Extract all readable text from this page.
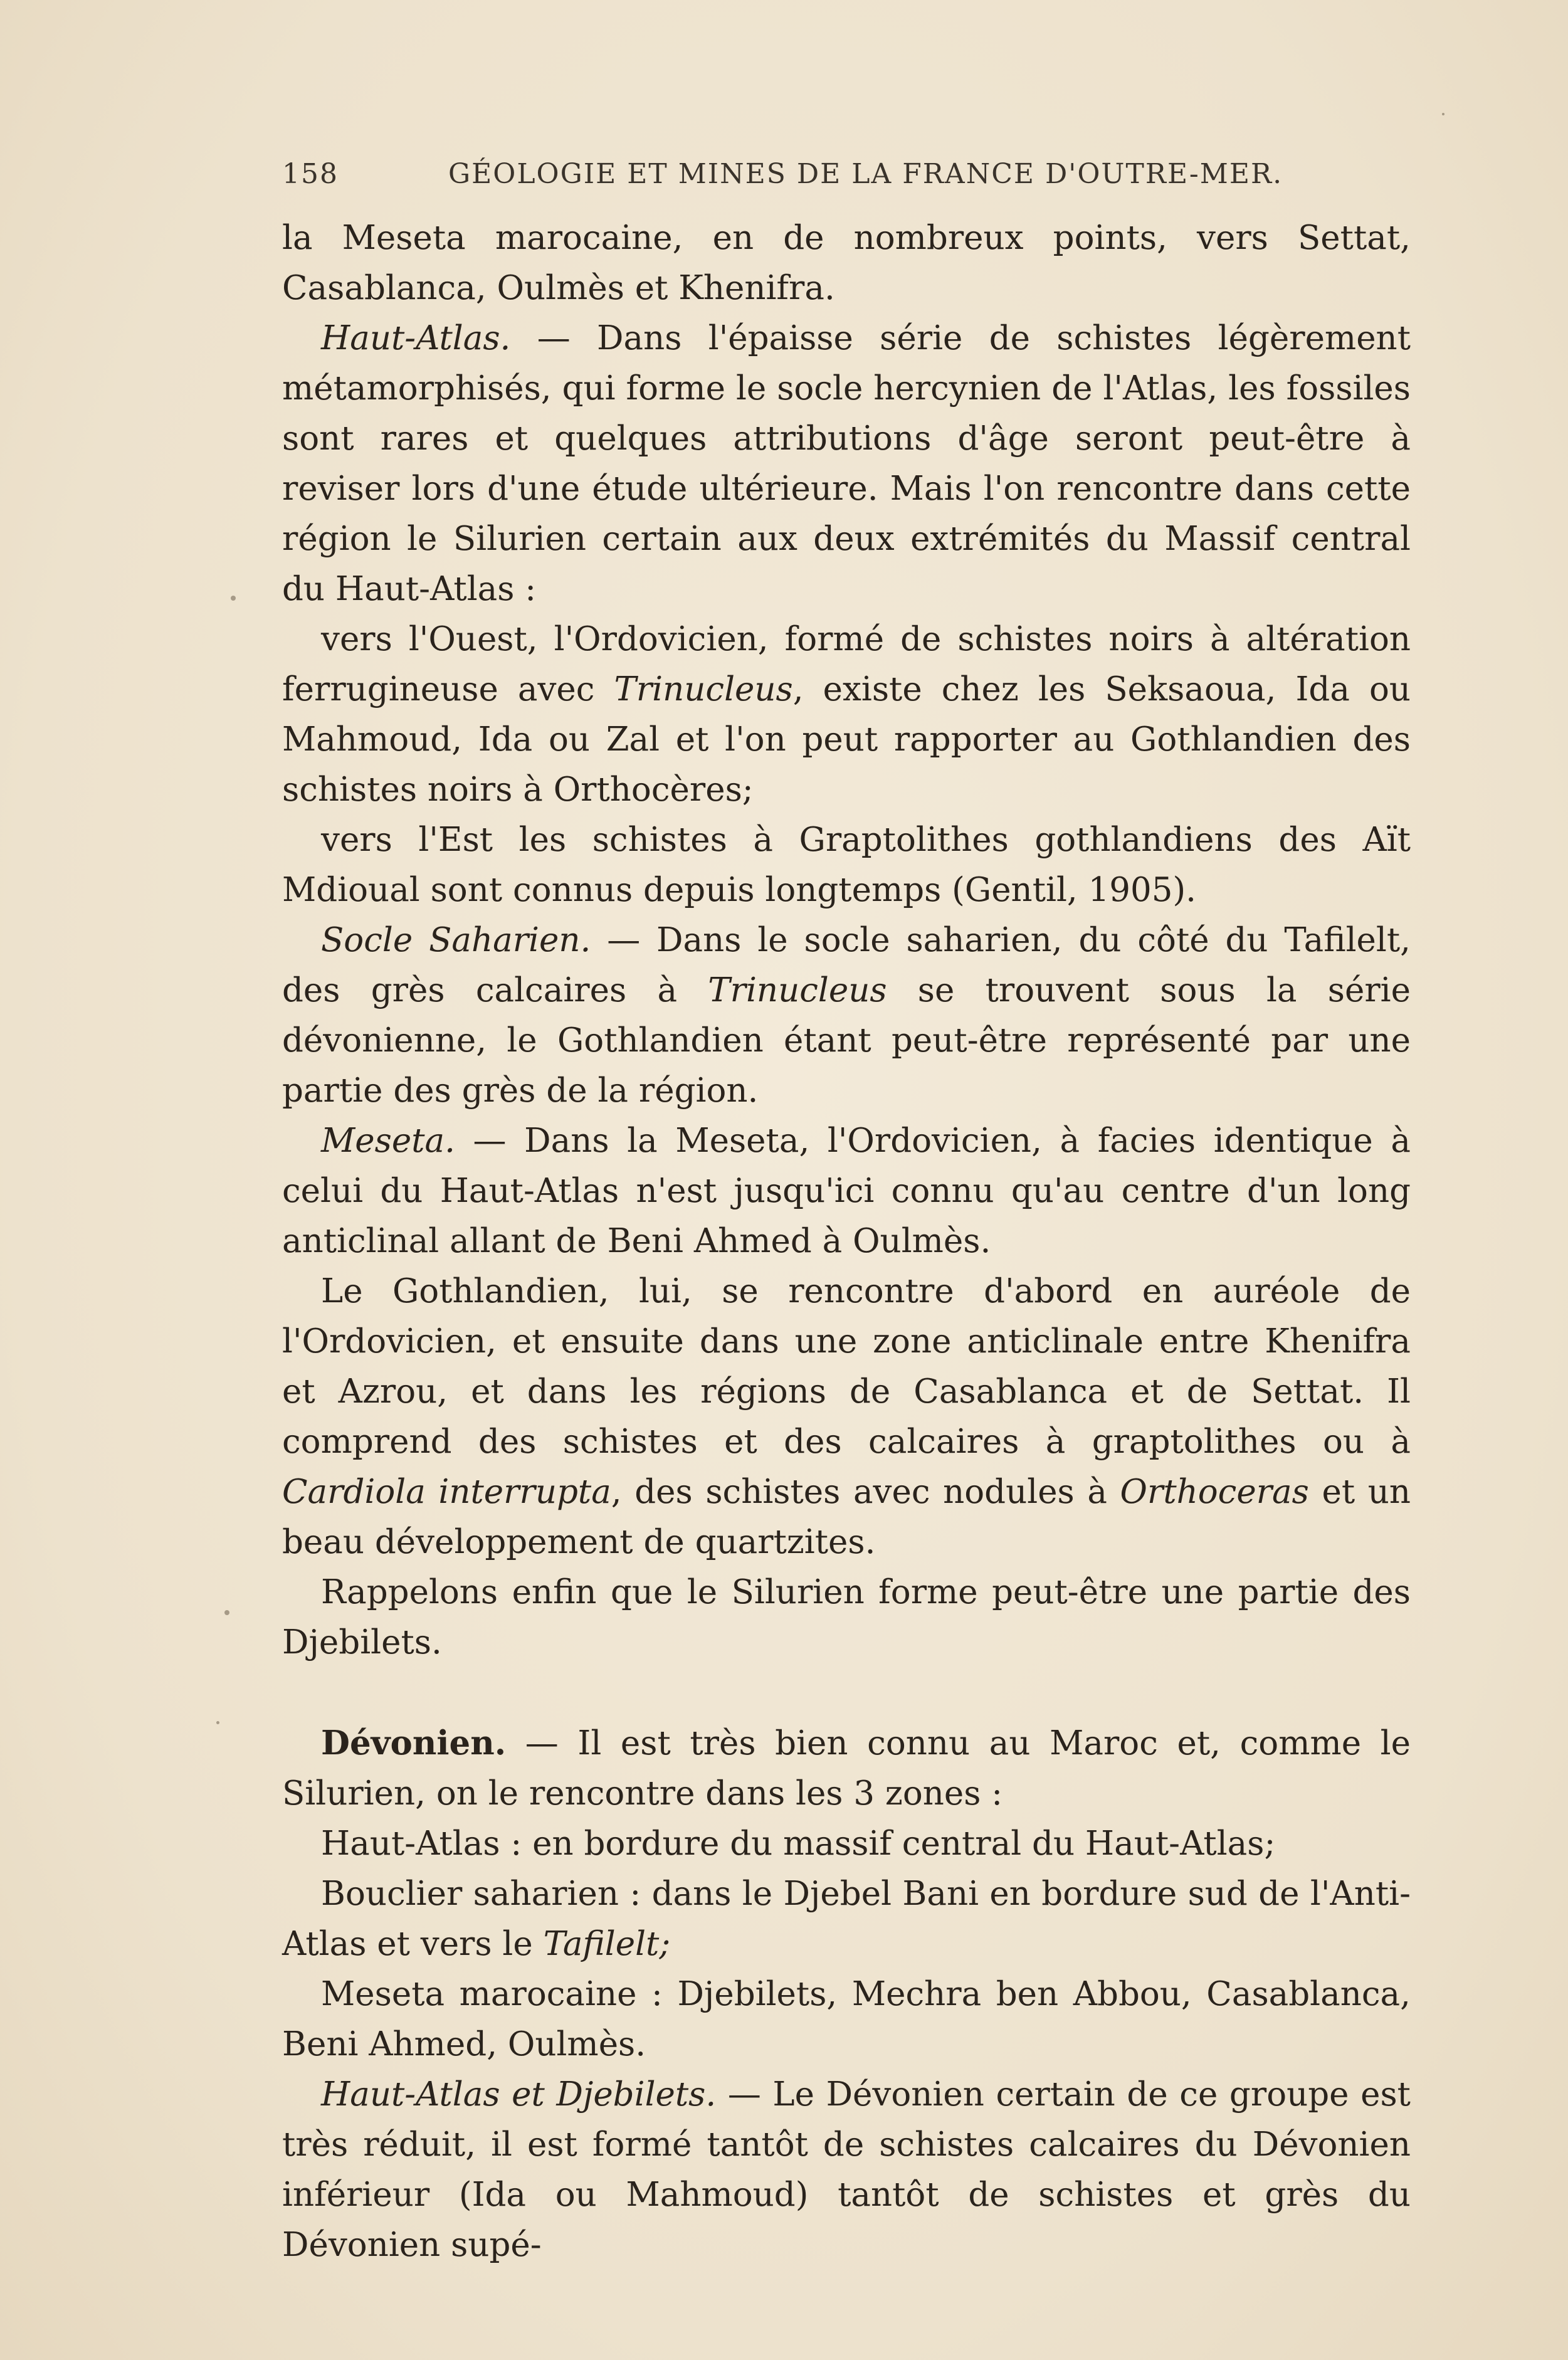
158	GÉOLOGIE ET MINES DE LA FRANCE D'OUTRE-MER.

la Meseta marocaine, en de nombreux points, vers Settat, Casablanca, Oulmès et Khenifra.

Haut-Atlas. — Dans l'épaisse série de schistes légèrement métamorphisés, qui forme le socle hercynien de l'Atlas, les fossiles sont rares et quelques attributions d'âge seront peut-être à reviser lors d'une étude ultérieure. Mais l'on rencontre dans cette région le Silurien certain aux deux extrémités du Massif central du Haut-Atlas :

vers l'Ouest, l'Ordovicien, formé de schistes noirs à altération ferrugineuse avec Trinucleus, existe chez les Seksaoua, Ida ou Mahmoud, Ida ou Zal et l'on peut rapporter au Gothlandien des schistes noirs à Orthocères;

vers l'Est les schistes à Graptolithes gothlandiens des Aït Mdioual sont connus depuis longtemps (Gentil, 1905).

Socle Saharien. — Dans le socle saharien, du côté du Tafilelt, des grès calcaires à Trinucleus se trouvent sous la série dévonienne, le Gothlandien étant peut-être représenté par une partie des grès de la région.

Meseta. — Dans la Meseta, l'Ordovicien, à facies identique à celui du Haut-Atlas n'est jusqu'ici connu qu'au centre d'un long anticlinal allant de Beni Ahmed à Oulmès.

Le Gothlandien, lui, se rencontre d'abord en auréole de l'Ordovicien, et ensuite dans une zone anticlinale entre Khenifra et Azrou, et dans les régions de Casablanca et de Settat. Il comprend des schistes et des calcaires à graptolithes ou à Cardiola interrupta, des schistes avec nodules à Orthoceras et un beau développement de quartzites.

Rappelons enfin que le Silurien forme peut-être une partie des Djebilets.

Dévonien. — Il est très bien connu au Maroc et, comme le Silurien, on le rencontre dans les 3 zones :

Haut-Atlas : en bordure du massif central du Haut-Atlas;

Bouclier saharien : dans le Djebel Bani en bordure sud de l'Anti-Atlas et vers le Tafilelt;

Meseta marocaine : Djebilets, Mechra ben Abbou, Casablanca, Beni Ahmed, Oulmès.

Haut-Atlas et Djebilets. — Le Dévonien certain de ce groupe est très réduit, il est formé tantôt de schistes calcaires du Dévonien inférieur (Ida ou Mahmoud) tantôt de schistes et grès du Dévonien supé-
